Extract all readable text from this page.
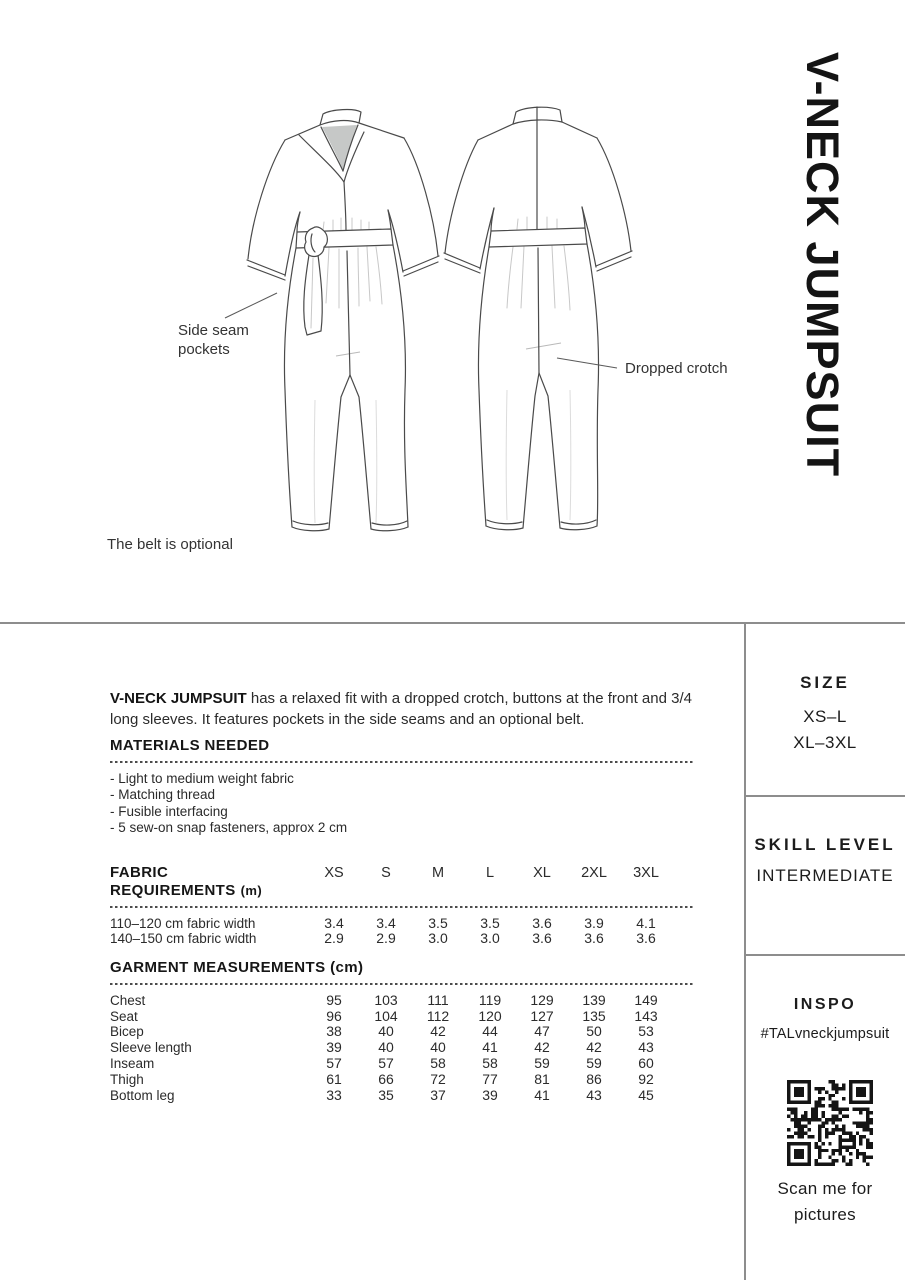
Side seam pockets
Dropped crotch
The belt is optional
V-NECK JUMPSUIT

V-NECK JUMPSUIT has a relaxed fit with a dropped crotch, buttons at the front and 3/4 long sleeves. It features pockets in the side seams and an optional belt.

MATERIALS NEEDED
- Light to medium weight fabric
- Matching thread
- Fusible interfacing
- 5 sew-on snap fasteners, approx 2 cm
FABRIC REQUIREMENTS (m)
XS	S	M	L	XL	2XL	3XL
110–120 cm fabric width	3.4	3.4	3.5	3.5	3.6	3.9	4.1
140–150 cm fabric width	2.9	2.9	3.0	3.0	3.6	3.6	3.6
GARMENT MEASUREMENTS (cm)
Chest	95	103	111	119	129	139	149
Seat	96	104	112	120	127	135	143
Bicep	38	40	42	44	47	50	53
Sleeve length	39	40	40	41	42	42	43
Inseam	57	57	58	58	59	59	60
Thigh	61	66	72	77	81	86	92
Bottom leg	33	35	37	39	41	43	45
SIZE
XS–L
XL–3XL
SKILL LEVEL
INTERMEDIATE
INSPO
#TALvneckjumpsuit
Scan me for pictures
